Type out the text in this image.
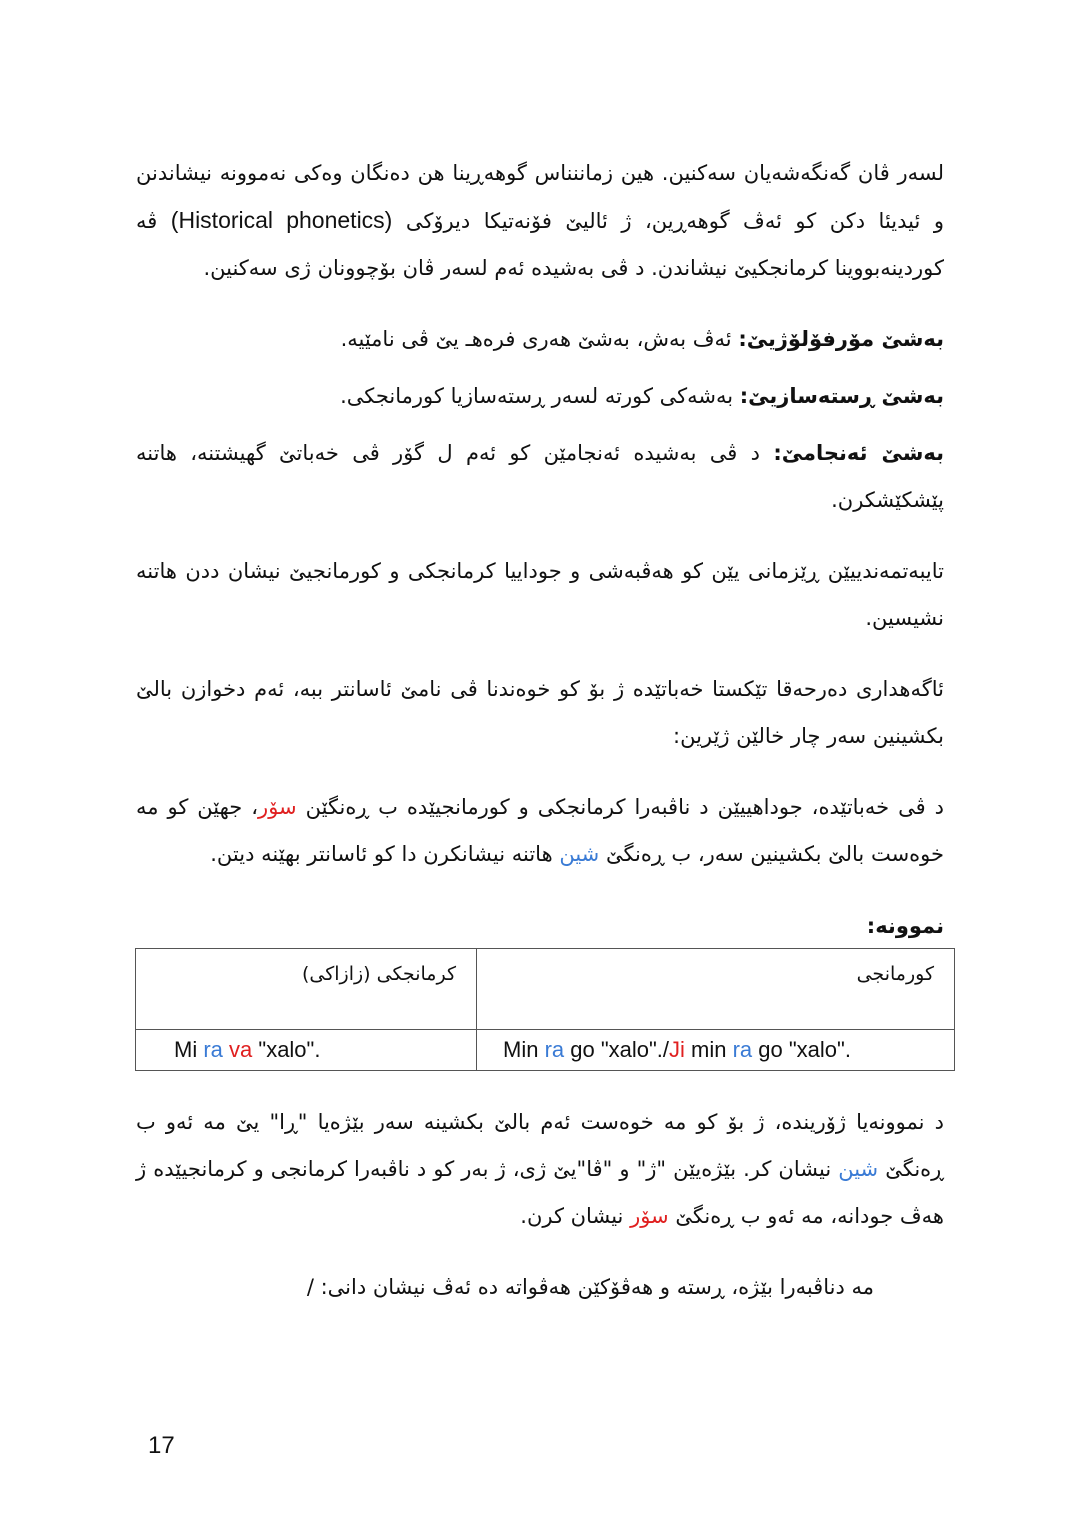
لسەر ڤان گەنگەشەیان سەکنین. هین زماننناس گوهەڕینا هن دەنگان وەکی نەموونە نیشاندنن و ئیدیئا دکن کو ئەڤ گوهەڕین، ژ ئالیێ فۆنەتیکا دیرۆکی (Historical phonetics) ڤە کوردینەبووینا کرمانجکیێ نیشاندن. د ڤی بەشیدە ئەم لسەر ڤان بۆچوونان ژی سەکنین.

بەشێ مۆرفۆلۆژیێ: ئەڤ بەش، بەشێ هەری فرەهـ یێ ڤی نامێیە.

بەشێ ڕستەسازیێ: بەشەکی کورتە لسەر ڕستەسازیا کورمانجکی.

بەشێ ئەنجامێ: د ڤی بەشیدە ئەنجامێن کو ئەم ل گۆر ڤی خەباتێ گهیشتنە، هاتنە پێشکێشکرن.

تایبەتمەندییێن ڕێزمانی یێن کو هەڤبەشی و جوداییا کرمانجکی و کورمانجیێ نیشان ددن هاتنە نشیسین.

ئاگەهداری دەرحەقا تێکستا خەباتێدە ژ بۆ کو خوەندنا ڤی نامێ ئاسانتر ببە، ئەم دخوازن بالێ بکشینین سەر چار خالێن ژێرین:

د ڤی خەباتێدە، جوداهییێن د ناڤبەرا کرمانجکی و کورمانجیێدە ب ڕەنگێن سۆر، جهێن کو مە خوەست بالێ بکشینین سەر، ب ڕەنگێ شین هاتنە نیشانکرن دا کو ئاسانتر بهێنە دیتن.

نموونە:
کرمانجکی (زازاکی)	کورمانجی
Mi ra va "xalo".	Min ra go "xalo"./Ji min ra go "xalo".

د نموونەیا ژۆریندە، ژ بۆ کو مە خوەست ئەم بالێ بکشینە سەر بێژەیا "ڕا" یێ مە ئەو ب ڕەنگێ شین نیشان کر. بێژەیێن "ژ" و "ڤا"یێ ژی، ژ بەر کو د ناڤبەرا کرمانجی و کرمانجیێدە ژ هەڤ جودانە، مە ئەو ب ڕەنگێ سۆر نیشان کرن.

مە دناڤبەرا بێژە، ڕستە و هەڤۆکێن هەڤواتە دە ئەڤ نیشان دانی: /
17
